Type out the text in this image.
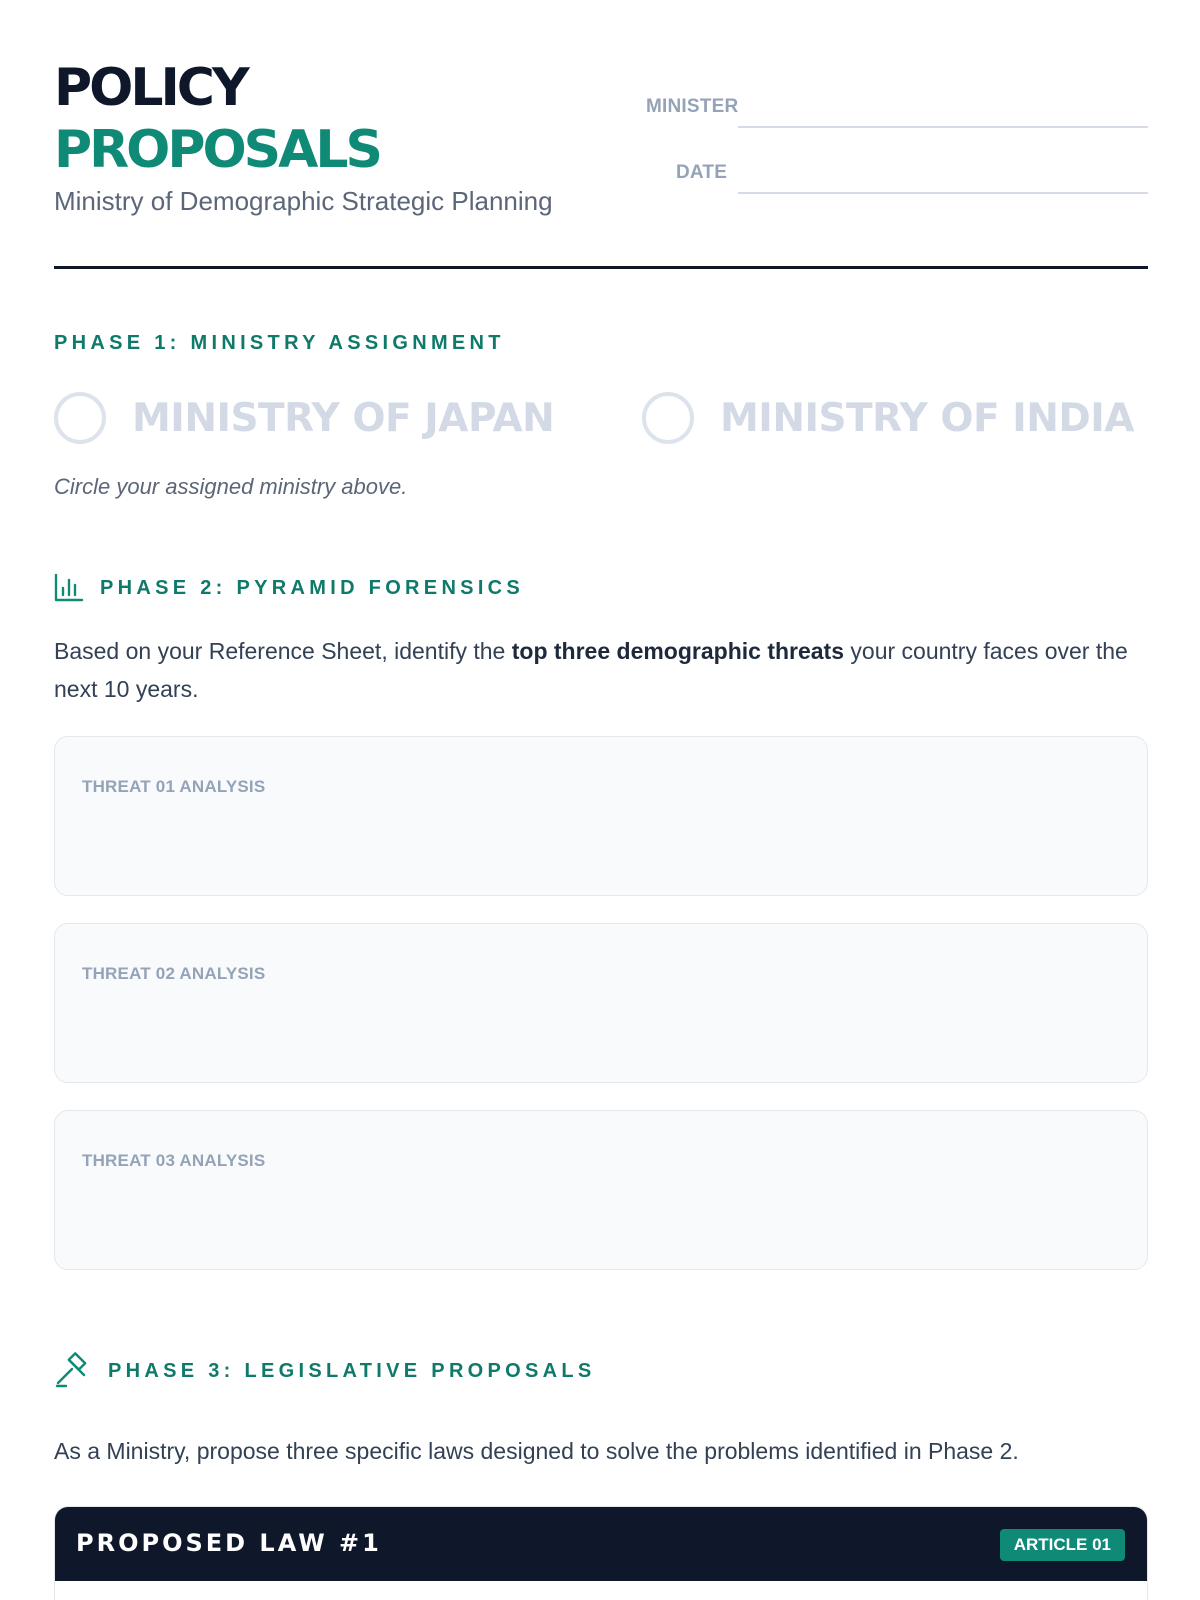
POLICY
PROPOSALS
Ministry of Demographic Strategic Planning
MINISTER
DATE
PHASE 1: MINISTRY ASSIGNMENT
MINISTRY OF JAPAN	MINISTRY OF INDIA
Circle your assigned ministry above.
PHASE 2: PYRAMID FORENSICS
Based on your Reference Sheet, identify the top three demographic threats your country faces over the next 10 years.
THREAT 01 ANALYSIS
THREAT 02 ANALYSIS
THREAT 03 ANALYSIS
PHASE 3: LEGISLATIVE PROPOSALS
As a Ministry, propose three specific laws designed to solve the problems identified in Phase 2.
PROPOSED LAW #1	ARTICLE 01
